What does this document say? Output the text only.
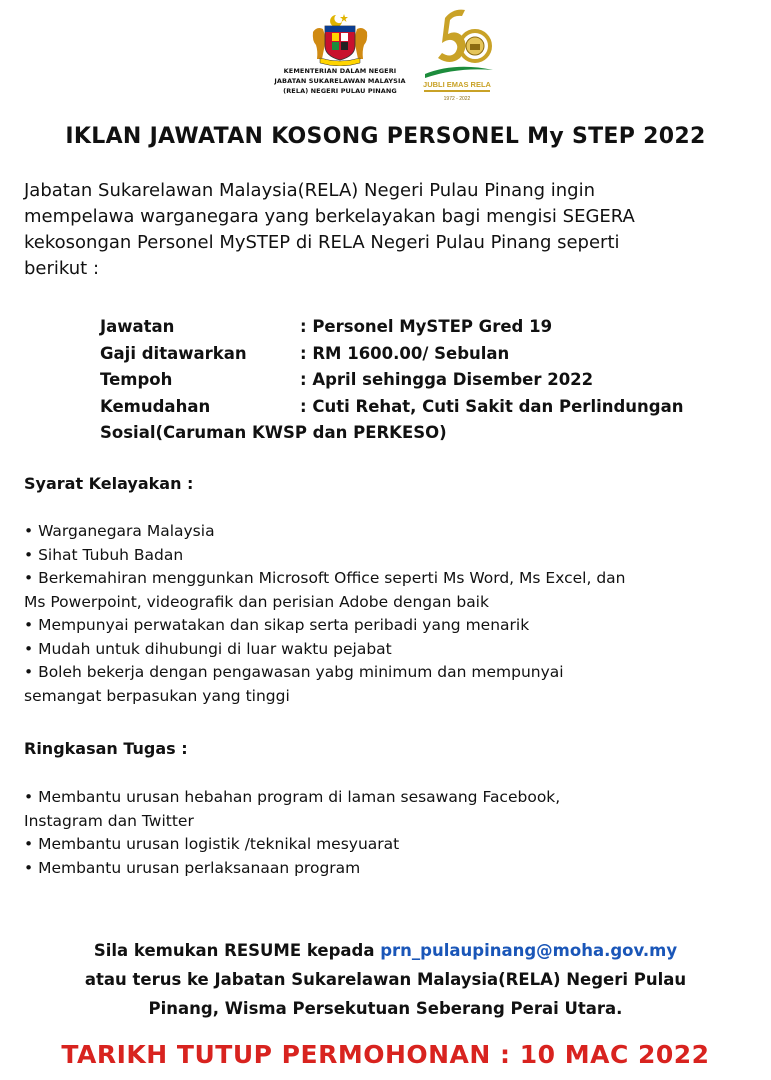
KEMENTERIAN DALAM NEGERI
JABATAN SUKARELAWAN MALAYSIA
(RELA) NEGERI PULAU PINANG
JUBLI EMAS RELA
1972 - 2022
IKLAN JAWATAN KOSONG PERSONEL My STEP 2022
Jabatan Sukarelawan Malaysia(RELA) Negeri Pulau Pinang ingin
mempelawa warganegara yang berkelayakan bagi mengisi SEGERA
kekosongan Personel MySTEP di RELA Negeri Pulau Pinang seperti
berikut :
Jawatan	: Personel MySTEP Gred 19
Gaji ditawarkan	: RM 1600.00/ Sebulan
Tempoh	: April sehingga Disember 2022
Kemudahan	: Cuti Rehat, Cuti Sakit dan Perlindungan
Sosial(Caruman KWSP dan PERKESO)
Syarat Kelayakan :
• Warganegara Malaysia
• Sihat Tubuh Badan
• Berkemahiran menggunkan Microsoft Office seperti Ms Word, Ms Excel, dan
Ms Powerpoint, videografik dan perisian Adobe dengan baik
• Mempunyai perwatakan dan sikap serta peribadi yang menarik
• Mudah untuk dihubungi di luar waktu pejabat
• Boleh bekerja dengan pengawasan yabg minimum dan mempunyai
semangat berpasukan yang tinggi
Ringkasan Tugas :
• Membantu urusan hebahan program di laman sesawang Facebook,
Instagram dan Twitter
• Membantu urusan logistik /teknikal mesyuarat
• Membantu urusan perlaksanaan program
Sila kemukan RESUME kepada prn_pulaupinang@moha.gov.my
atau terus ke Jabatan Sukarelawan Malaysia(RELA) Negeri Pulau
Pinang, Wisma Persekutuan Seberang Perai Utara.
TARIKH TUTUP PERMOHONAN : 10 MAC 2022
